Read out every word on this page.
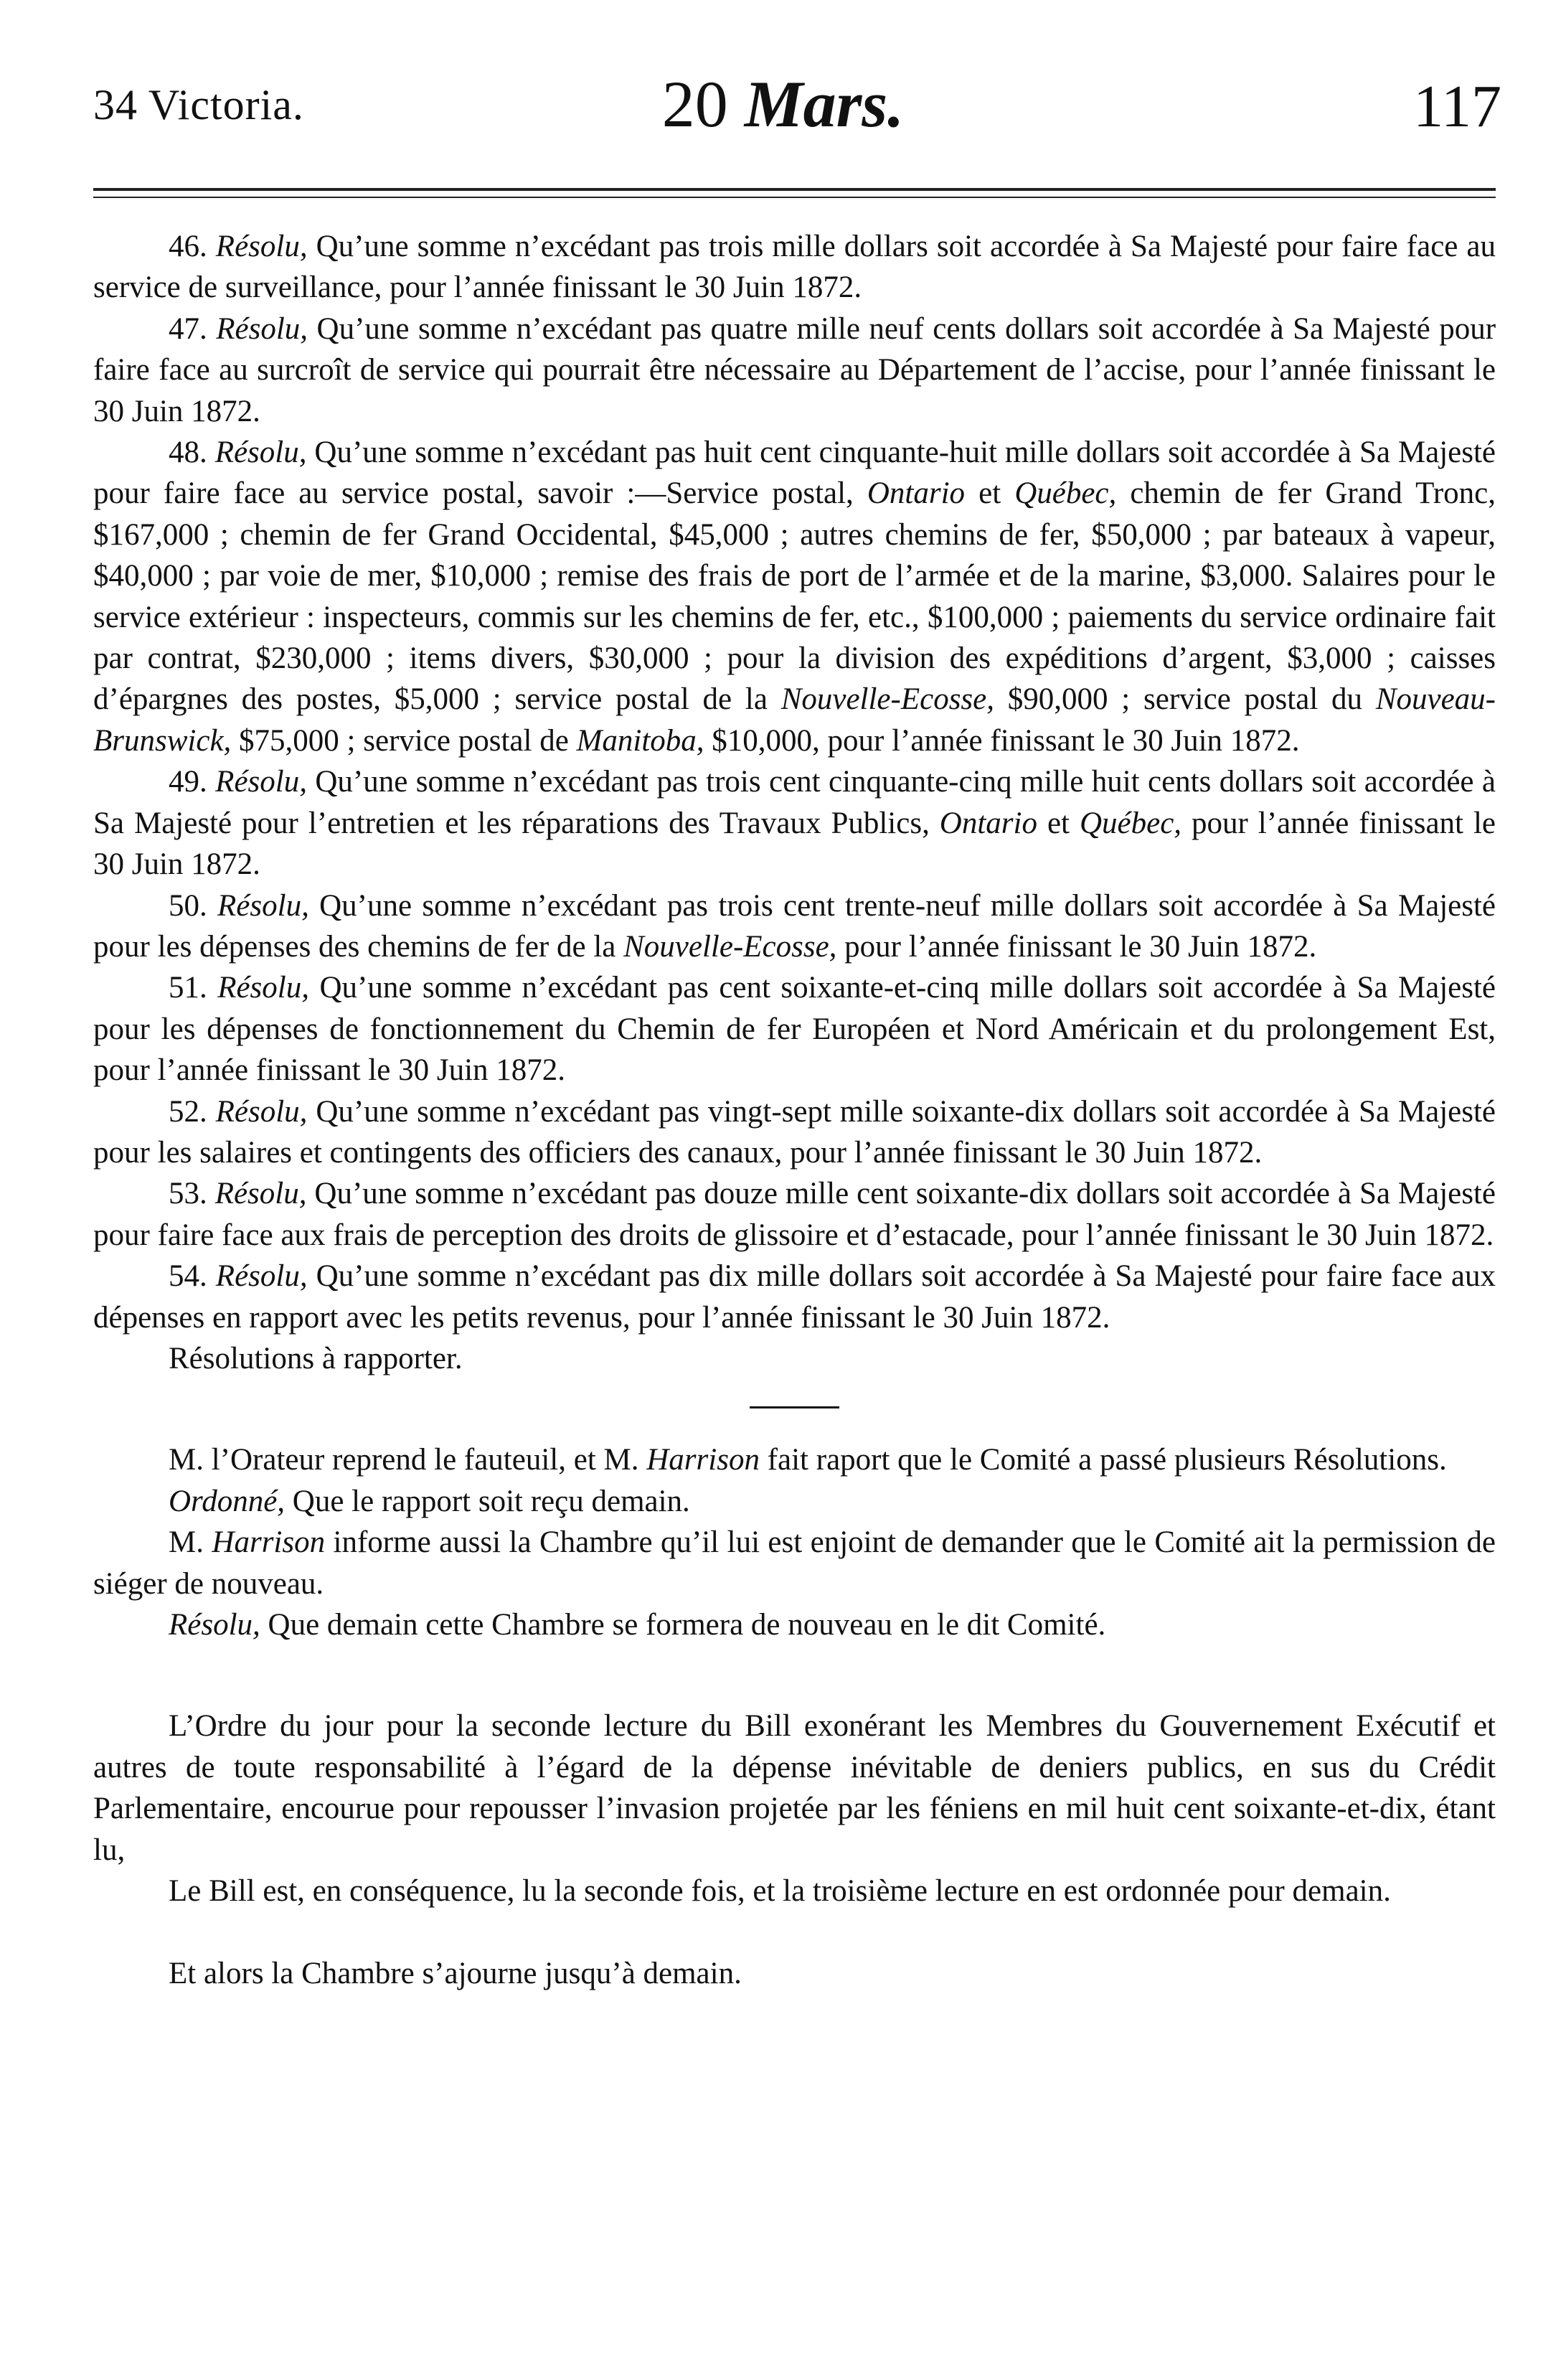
34 Victoria.	20 Mars.	117

46. Résolu, Qu’une somme n’excédant pas trois mille dollars soit accordée à Sa Majesté pour faire face au service de surveillance, pour l’année finissant le 30 Juin 1872.

47. Résolu, Qu’une somme n’excédant pas quatre mille neuf cents dollars soit accordée à Sa Majesté pour faire face au surcroît de service qui pourrait être nécessaire au Département de l’accise, pour l’année finissant le 30 Juin 1872.

48. Résolu, Qu’une somme n’excédant pas huit cent cinquante-huit mille dollars soit accordée à Sa Majesté pour faire face au service postal, savoir :—Service postal, Ontario et Québec, chemin de fer Grand Tronc, $167,000 ; chemin de fer Grand Occidental, $45,000 ; autres chemins de fer, $50,000 ; par bateaux à vapeur, $40,000 ; par voie de mer, $10,000 ; remise des frais de port de l’armée et de la marine, $3,000. Salaires pour le service extérieur : inspecteurs, commis sur les chemins de fer, etc., $100,000 ; paiements du service ordinaire fait par contrat, $230,000 ; items divers, $30,000 ; pour la division des expéditions d’argent, $3,000 ; caisses d’épargnes des postes, $5,000 ; service postal de la Nouvelle-Ecosse, $90,000 ; service postal du Nouveau-Brunswick, $75,000 ; service postal de Manitoba, $10,000, pour l’année finissant le 30 Juin 1872.

49. Résolu, Qu’une somme n’excédant pas trois cent cinquante-cinq mille huit cents dollars soit accordée à Sa Majesté pour l’entretien et les réparations des Travaux Publics, Ontario et Québec, pour l’année finissant le 30 Juin 1872.

50. Résolu, Qu’une somme n’excédant pas trois cent trente-neuf mille dollars soit accordée à Sa Majesté pour les dépenses des chemins de fer de la Nouvelle-Ecosse, pour l’année finissant le 30 Juin 1872.

51. Résolu, Qu’une somme n’excédant pas cent soixante-et-cinq mille dollars soit accordée à Sa Majesté pour les dépenses de fonctionnement du Chemin de fer Européen et Nord Américain et du prolongement Est, pour l’année finissant le 30 Juin 1872.

52. Résolu, Qu’une somme n’excédant pas vingt-sept mille soixante-dix dollars soit accordée à Sa Majesté pour les salaires et contingents des officiers des canaux, pour l’année finissant le 30 Juin 1872.

53. Résolu, Qu’une somme n’excédant pas douze mille cent soixante-dix dollars soit accordée à Sa Majesté pour faire face aux frais de perception des droits de glissoire et d’estacade, pour l’année finissant le 30 Juin 1872.

54. Résolu, Qu’une somme n’excédant pas dix mille dollars soit accordée à Sa Majesté pour faire face aux dépenses en rapport avec les petits revenus, pour l’année finissant le 30 Juin 1872.

Résolutions à rapporter.

M. l’Orateur reprend le fauteuil, et M. Harrison fait raport que le Comité a passé plusieurs Résolutions.

Ordonné, Que le rapport soit reçu demain.

M. Harrison informe aussi la Chambre qu’il lui est enjoint de demander que le Comité ait la permission de siéger de nouveau.

Résolu, Que demain cette Chambre se formera de nouveau en le dit Comité.

L’Ordre du jour pour la seconde lecture du Bill exonérant les Membres du Gouvernement Exécutif et autres de toute responsabilité à l’égard de la dépense inévitable de deniers publics, en sus du Crédit Parlementaire, encourue pour repousser l’invasion projetée par les féniens en mil huit cent soixante-et-dix, étant lu,

Le Bill est, en conséquence, lu la seconde fois, et la troisième lecture en est ordonnée pour demain.

Et alors la Chambre s’ajourne jusqu’à demain.
